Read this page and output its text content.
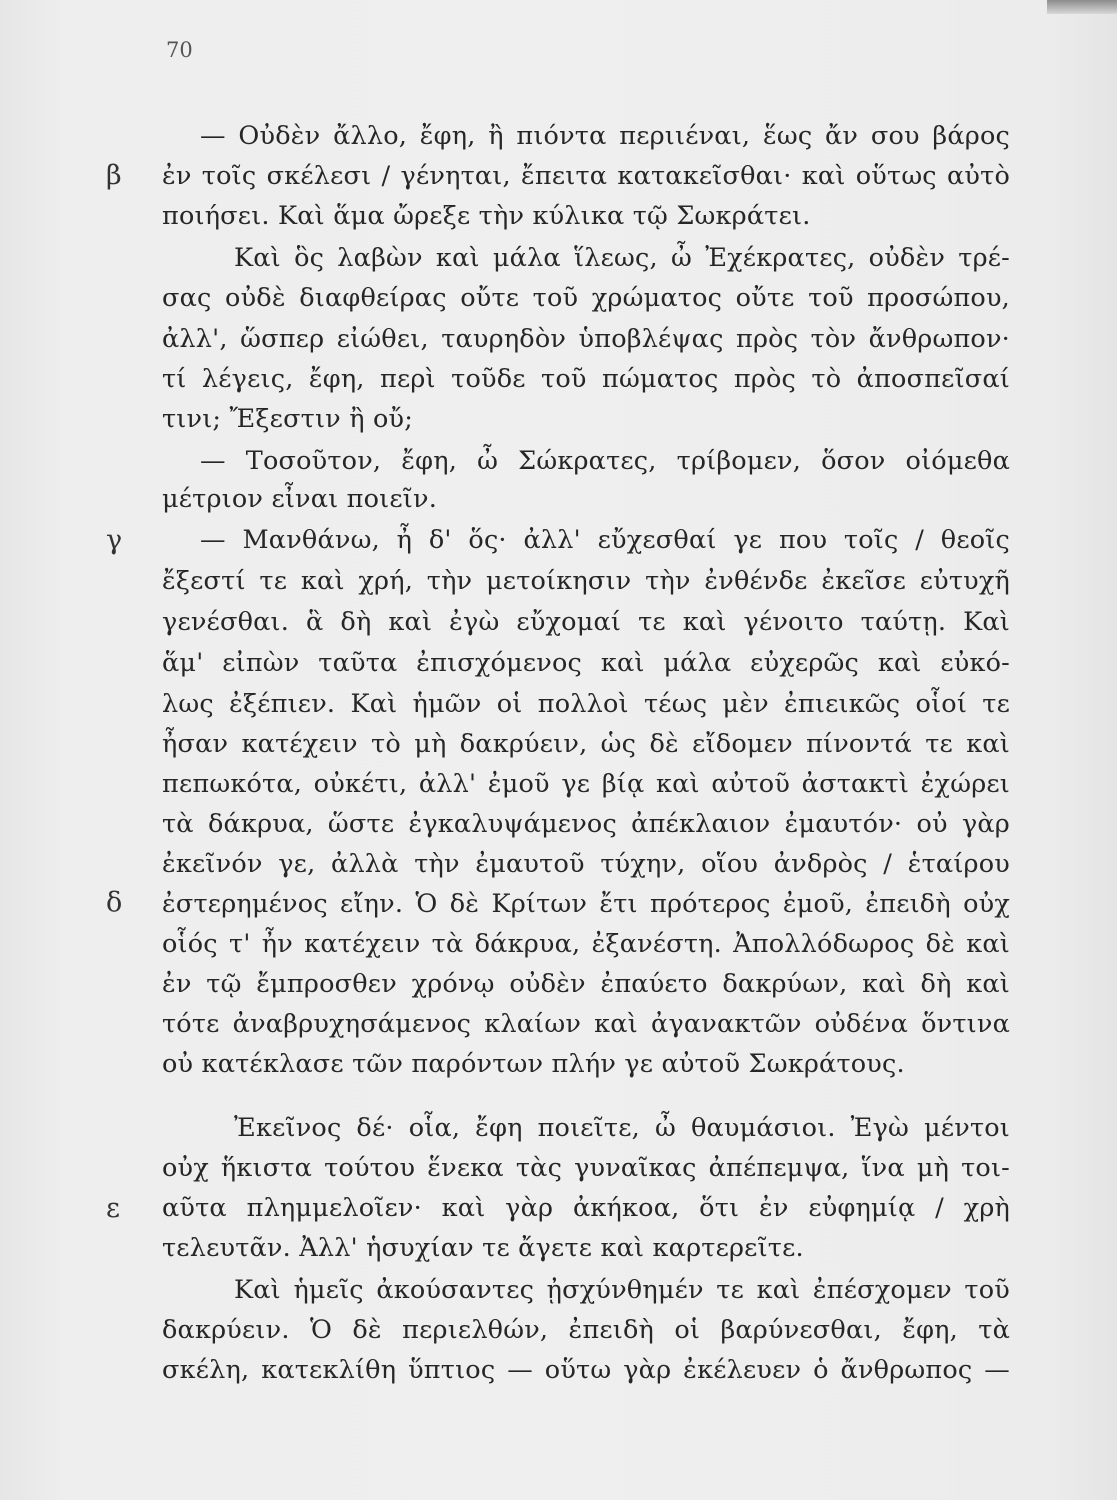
70
β
γ
δ
ε
— Οὐδὲν ἄλλο, ἔφη, ἢ πιόντα περιιέναι, ἕως ἄν σου βάρος
ἐν τοῖς σκέλεσι / γένηται, ἔπειτα κατακεῖσθαι· καὶ οὕτως αὐτὸ
ποιήσει. Καὶ ἅμα ὤρεξε τὴν κύλικα τῷ Σωκράτει.
Καὶ ὃς λαβὼν καὶ μάλα ἵλεως, ὦ Ἐχέκρατες, οὐδὲν τρέ-
σας οὐδὲ διαφθείρας οὔτε τοῦ χρώματος οὔτε τοῦ προσώπου,
ἀλλ', ὥσπερ εἰώθει, ταυρηδὸν ὑποβλέψας πρὸς τὸν ἄνθρωπον·
τί λέγεις, ἔφη, περὶ τοῦδε τοῦ πώματος πρὸς τὸ ἀποσπεῖσαί
τινι; Ἔξεστιν ἢ οὔ;
— Τοσοῦτον, ἔφη, ὦ Σώκρατες, τρίβομεν, ὅσον οἰόμεθα
μέτριον εἶναι ποιεῖν.
— Μανθάνω, ἦ δ' ὅς· ἀλλ' εὔχεσθαί γε που τοῖς / θεοῖς
ἔξεστί τε καὶ χρή, τὴν μετοίκησιν τὴν ἐνθένδε ἐκεῖσε εὐτυχῆ
γενέσθαι. ἃ δὴ καὶ ἐγὼ εὔχομαί τε καὶ γένοιτο ταύτῃ. Καὶ
ἅμ' εἰπὼν ταῦτα ἐπισχόμενος καὶ μάλα εὐχερῶς καὶ εὐκό-
λως ἐξέπιεν. Καὶ ἡμῶν οἱ πολλοὶ τέως μὲν ἐπιεικῶς οἷοί τε
ἦσαν κατέχειν τὸ μὴ δακρύειν, ὡς δὲ εἴδομεν πίνοντά τε καὶ
πεπωκότα, οὐκέτι, ἀλλ' ἐμοῦ γε βίᾳ καὶ αὐτοῦ ἀστακτὶ ἐχώρει
τὰ δάκρυα, ὥστε ἐγκαλυψάμενος ἀπέκλαιον ἐμαυτόν· οὐ γὰρ
ἐκεῖνόν γε, ἀλλὰ τὴν ἐμαυτοῦ τύχην, οἵου ἀνδρὸς / ἑταίρου
ἐστερημένος εἴην. Ὁ δὲ Κρίτων ἔτι πρότερος ἐμοῦ, ἐπειδὴ οὐχ
οἷός τ' ἦν κατέχειν τὰ δάκρυα, ἐξανέστη. Ἀπολλόδωρος δὲ καὶ
ἐν τῷ ἔμπροσθεν χρόνῳ οὐδὲν ἐπαύετο δακρύων, καὶ δὴ καὶ
τότε ἀναβρυχησάμενος κλαίων καὶ ἀγανακτῶν οὐδένα ὅντινα
οὐ κατέκλασε τῶν παρόντων πλήν γε αὐτοῦ Σωκράτους.
Ἐκεῖνος δέ· οἷα, ἔφη ποιεῖτε, ὦ θαυμάσιοι. Ἐγὼ μέντοι
οὐχ ἥκιστα τούτου ἕνεκα τὰς γυναῖκας ἀπέπεμψα, ἵνα μὴ τοι-
αῦτα πλημμελοῖεν· καὶ γὰρ ἀκήκοα, ὅτι ἐν εὐφημίᾳ / χρὴ
τελευτᾶν. Ἀλλ' ἡσυχίαν τε ἄγετε καὶ καρτερεῖτε.
Καὶ ἡμεῖς ἀκούσαντες ᾐσχύνθημέν τε καὶ ἐπέσχομεν τοῦ
δακρύειν. Ὁ δὲ περιελθών, ἐπειδὴ οἱ βαρύνεσθαι, ἔφη, τὰ
σκέλη, κατεκλίθη ὕπτιος — οὕτω γὰρ ἐκέλευεν ὁ ἄνθρωπος —
